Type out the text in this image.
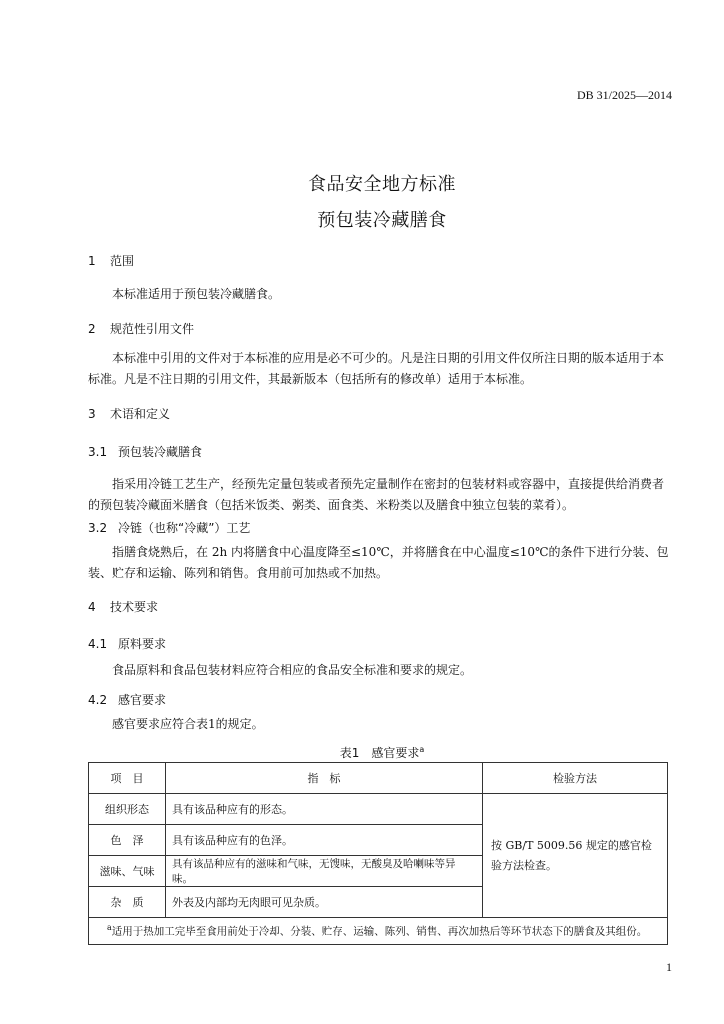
DB 31/2025—2014
食品安全地方标准
预包装冷藏膳食
1 范围
本标准适用于预包装冷藏膳食。
2 规范性引用文件
本标准中引用的文件对于本标准的应用是必不可少的。凡是注日期的引用文件仅所注日期的版本适用于本标准。凡是不注日期的引用文件，其最新版本（包括所有的修改单）适用于本标准。
3 术语和定义
3.1 预包装冷藏膳食
指采用冷链工艺生产，经预先定量包装或者预先定量制作在密封的包装材料或容器中，直接提供给消费者的预包装冷藏面米膳食（包括米饭类、粥类、面食类、米粉类以及膳食中独立包装的菜肴）。
3.2 冷链（也称“冷藏”）工艺
指膳食烧熟后，在 2h 内将膳食中心温度降至≤10℃，并将膳食在中心温度≤10℃的条件下进行分装、包装、贮存和运输、陈列和销售。食用前可加热或不加热。
4 技术要求
4.1 原料要求
食品原料和食品包装材料应符合相应的食品安全标准和要求的规定。
4.2 感官要求
感官要求应符合表1的规定。
表1　感官要求$^a$
项　目	指　标	检验方法
组织形态	具有该品种应有的形态。	按 GB/T 5009.56 规定的感官检验方法检查。
色　泽	具有该品种应有的色泽。	
滋味、气味	具有该品种应有的滋味和气味，无馊味，无酸臭及哈喇味等异味。	
杂　质	外表及内部均无肉眼可见杂质。	
$^a$适用于热加工完毕至食用前处于冷却、分装、贮存、运输、陈列、销售、再次加热后等环节状态下的膳食及其组份。		
1
